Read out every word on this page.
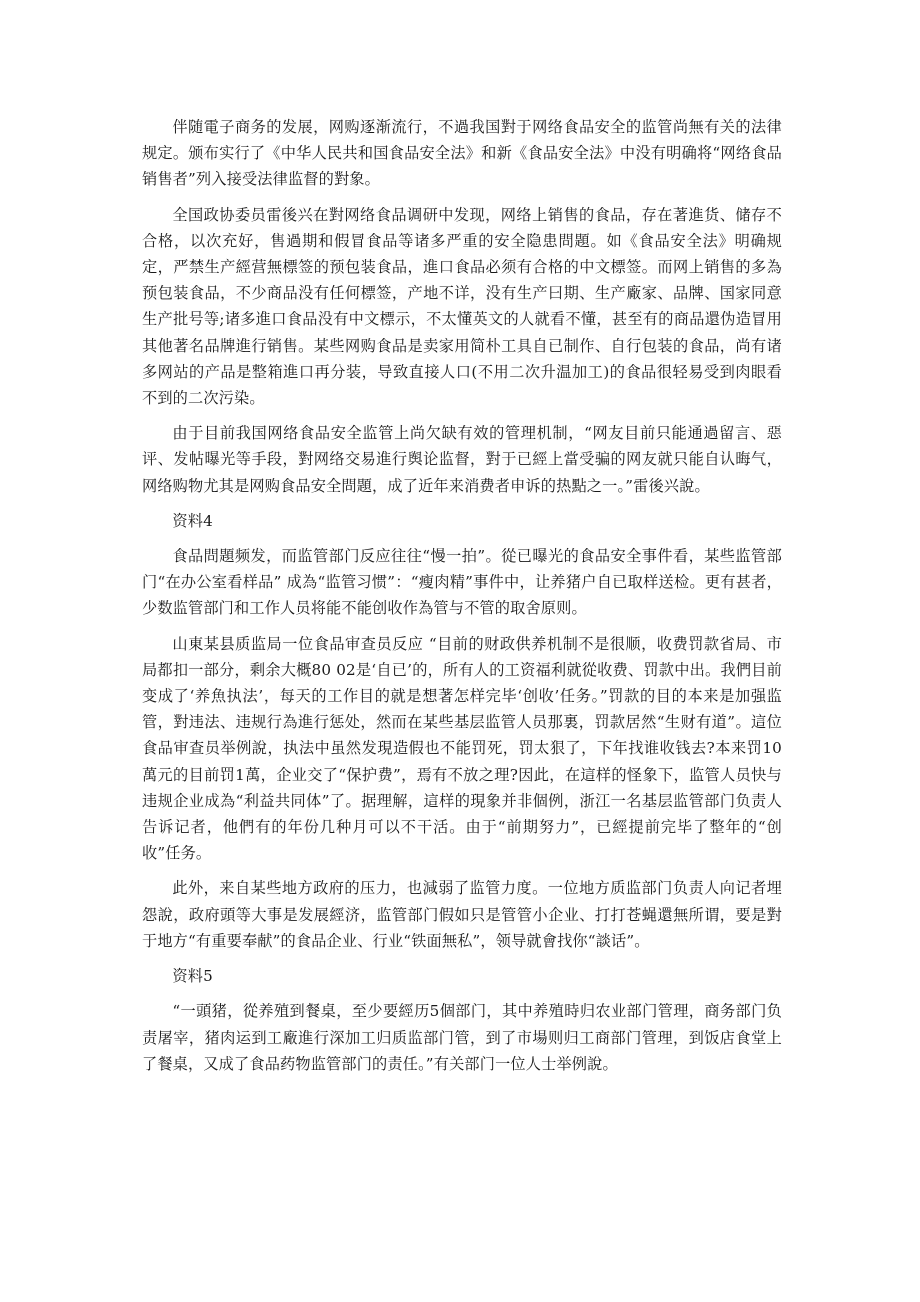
伴随電子商务的发展，网购逐渐流行，不過我国對于网络食品安全的监管尚無有关的法律规定。颁布实行了《中华人民共和国食品安全法》和新《食品安全法》中没有明确将“网络食品销售者”列入接受法律监督的對象。

全国政协委员雷後兴在對网络食品调研中发现，网络上销售的食品，存在著進货、储存不合格，以次充好，售過期和假冒食品等诸多严重的安全隐患問題。如《食品安全法》明确规定，严禁生产經营無標签的预包装食品，進口食品必须有合格的中文標签。而网上销售的多為预包装食品，不少商品没有任何標签，产地不详，没有生产曰期、生产廠家、品牌、国家同意生产批号等;诸多進口食品没有中文標示，不太懂英文的人就看不懂，甚至有的商品還伪造冒用其他著名品牌進行销售。某些网购食品是卖家用简朴工具自已制作、自行包装的食品，尚有诸多网站的产品是整箱進口再分装，导致直接人口(不用二次升温加工)的食品很轻易受到肉眼看不到的二次污染。

由于目前我国网络食品安全监管上尚欠缺有效的管理机制，“网友目前只能通過留言、惡评、发帖曝光等手段，對网络交易進行舆论监督，對于已經上當受骗的网友就只能自认晦气，网络购物尤其是网购食品安全問題，成了近年来消费者申诉的热點之一。”雷後兴說。

资料4

食品問題频发，而监管部门反应往往“慢一拍”。從已曝光的食品安全事件看，某些监管部门“在办公室看样品” 成為“监管习惯”：“瘦肉精”事件中，让养猪户自已取样送检。更有甚者，少数监管部门和工作人员将能不能创收作為管与不管的取舍原则。

山東某县质监局一位食品审查员反应 “目前的财政供养机制不是很顺，收费罚款省局、市局都扣一部分，剩余大概80 02是‘自已’的，所有人的工资福利就從收费、罚款中出。我們目前变成了‘养魚执法’，每天的工作目的就是想著怎样完毕‘创收’任务。”罚款的目的本来是加强监管，對违法、违规行為進行惩处，然而在某些基层监管人员那裏，罚款居然“生财有道”。這位食品审查员举例說，执法中虽然发現造假也不能罚死，罚太狠了，下年找谁收钱去?本来罚10萬元的目前罚1萬，企业交了“保护费”，焉有不放之理?因此，在這样的怪象下，监管人员快与违规企业成為“利益共同体”了。据理解，這样的現象并非個例，浙江一名基层监管部门负责人告诉记者，他們有的年份几种月可以不干活。由于“前期努力”，已經提前完毕了整年的“创收”任务。

此外，来自某些地方政府的压力，也減弱了监管力度。一位地方质监部门负责人向记者埋怨說，政府頭等大事是发展經济，监管部门假如只是管管小企业、打打苍蝇還無所谓，要是對于地方“有重要奉献”的食品企业、行业“铁面無私”，领导就會找你“談话”。

资料5

“一頭猪，從养殖到餐桌，至少要經历5個部门，其中养殖時归农业部门管理，商务部门负责屠宰，猪肉运到工廠進行深加工归质监部门管，到了市場则归工商部门管理，到饭店食堂上了餐桌，又成了食品药物监管部门的责任。”有关部门一位人士举例說。
